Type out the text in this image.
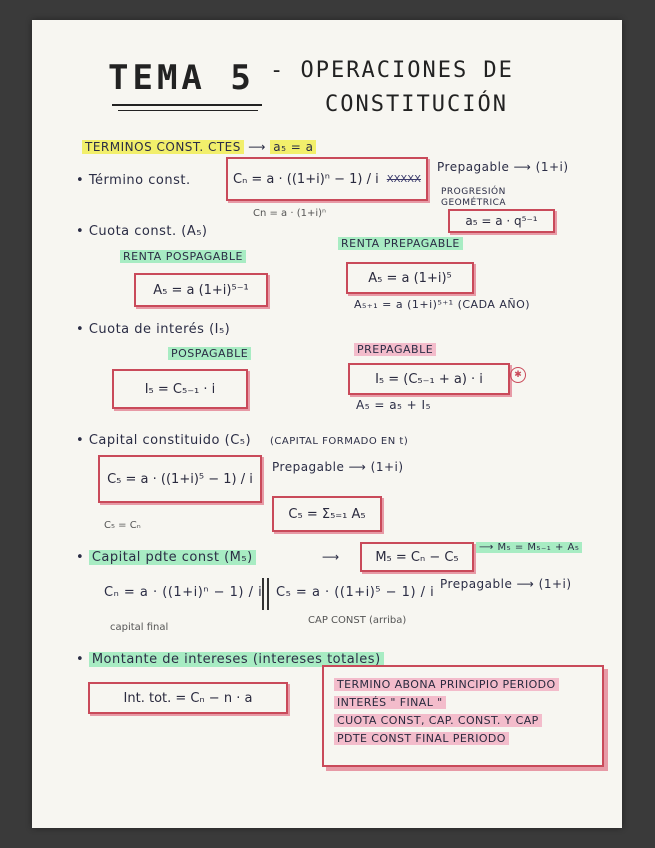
TEMA 5 - OPERACIONES DE
CONSTITUCIÓN
TERMINOS CONST. CTES ⟶ a₅ = a
• Término const.	Cₙ = a · ((1+i)ⁿ − 1) / i XXXXX
Cn = a · (1+i)ⁿ
Prepagable ⟶ (1+i)
PROGRESIÓN GEOMÉTRICA
a₅ = a · q⁵⁻¹
• Cuota const. (A₅)
RENTA POSPAGABLE
A₅ = a (1+i)⁵⁻¹
RENTA PREPAGABLE
A₅ = a (1+i)⁵
A₅₊₁ = a (1+i)⁵⁺¹ (CADA AÑO)
• Cuota de interés (I₅)
POSPAGABLE
I₅ = C₅₋₁ · i
PREPAGABLE
I₅ = (C₅₋₁ + a) · i	✱
A₅ = a₅ + I₅
• Capital constituido (C₅) (CAPITAL FORMADO EN t)
C₅ = a · ((1+i)⁵ − 1) / i
Prepagable ⟶ (1+i)
C₅ = Σ₅₌₁ A₅
C₅ = Cₙ
• Capital pdte const (M₅)	⟶	M₅ = Cₙ − C₅
⟶ M₅ = M₅₋₁ + A₅
Cₙ = a · ((1+i)ⁿ − 1) / i
capital final
C₅ = a · ((1+i)⁵ − 1) / i
CAP CONST (arriba)
Prepagable ⟶ (1+i)
• Montante de intereses (intereses totales)
Int. tot. = Cₙ − n · a
TERMINO ABONA PRINCIPIO PERIODO
INTERÉS " FINAL "
CUOTA CONST, CAP. CONST. Y CAP
PDTE CONST FINAL PERIODO
